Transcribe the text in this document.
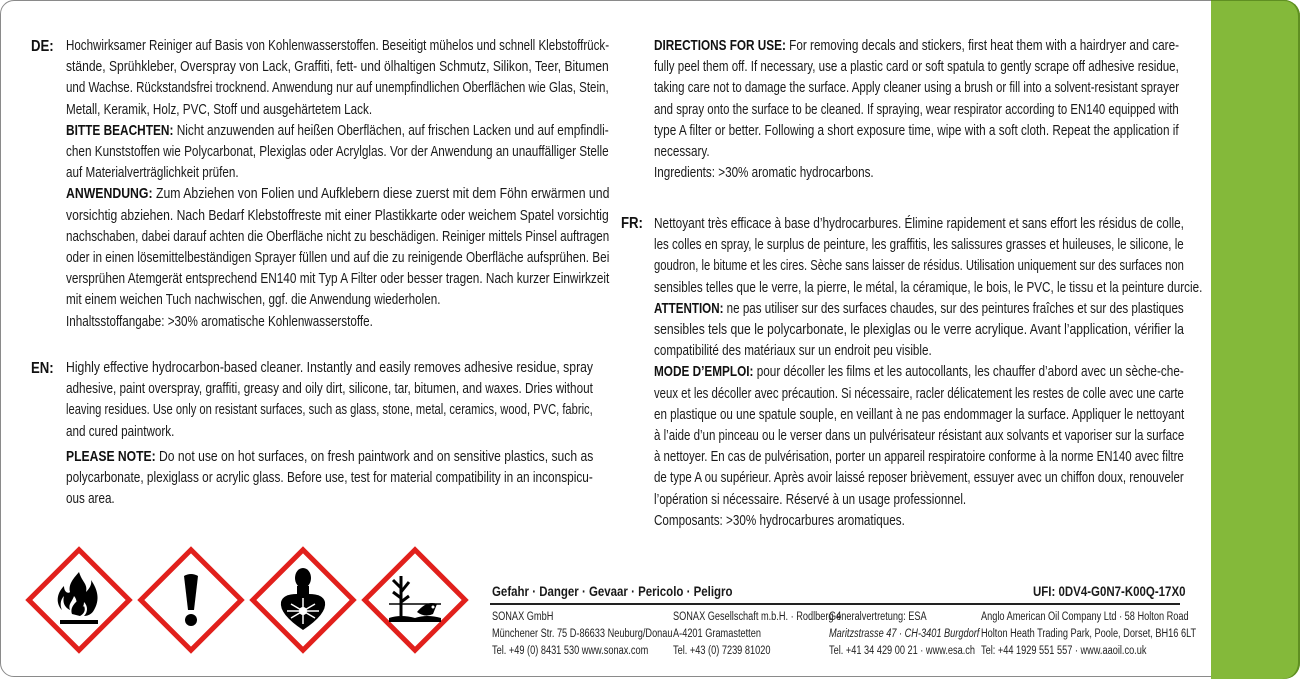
DE: Hochwirksamer Reiniger auf Basis von Kohlenwasserstoffen. Beseitigt mühelos und schnell Klebstoffrück-
stände, Sprühkleber, Overspray von Lack, Graffiti, fett- und ölhaltigen Schmutz, Silikon, Teer, Bitumen
und Wachse. Rückstandsfrei trocknend. Anwendung nur auf unempfindlichen Oberflächen wie Glas, Stein,
Metall, Keramik, Holz, PVC, Stoff und ausgehärtetem Lack.
BITTE BEACHTEN: Nicht anzuwenden auf heißen Oberflächen, auf frischen Lacken und auf empfindli-
chen Kunststoffen wie Polycarbonat, Plexiglas oder Acrylglas. Vor der Anwendung an unauffälliger Stelle
auf Materialverträglichkeit prüfen.
ANWENDUNG: Zum Abziehen von Folien und Aufklebern diese zuerst mit dem Föhn erwärmen und
vorsichtig abziehen. Nach Bedarf Klebstoffreste mit einer Plastikkarte oder weichem Spatel vorsichtig
nachschaben, dabei darauf achten die Oberfläche nicht zu beschädigen. Reiniger mittels Pinsel auftragen
oder in einen lösemittelbeständigen Sprayer füllen und auf die zu reinigende Oberfläche aufsprühen. Bei
versprühen Atemgerät entsprechend EN140 mit Typ A Filter oder besser tragen. Nach kurzer Einwirkzeit
mit einem weichen Tuch nachwischen, ggf. die Anwendung wiederholen.
Inhaltsstoffangabe: >30% aromatische Kohlenwasserstoffe.
EN: Highly effective hydrocarbon-based cleaner. Instantly and easily removes adhesive residue, spray
adhesive, paint overspray, graffiti, greasy and oily dirt, silicone, tar, bitumen, and waxes. Dries without
leaving residues. Use only on resistant surfaces, such as glass, stone, metal, ceramics, wood, PVC, fabric,
and cured paintwork.
PLEASE NOTE: Do not use on hot surfaces, on fresh paintwork and on sensitive plastics, such as
polycarbonate, plexiglass or acrylic glass. Before use, test for material compatibility in an inconspicu-
ous area.
DIRECTIONS FOR USE: For removing decals and stickers, first heat them with a hairdryer and care-
fully peel them off. If necessary, use a plastic card or soft spatula to gently scrape off adhesive residue,
taking care not to damage the surface. Apply cleaner using a brush or fill into a solvent-resistant sprayer
and spray onto the surface to be cleaned. If spraying, wear respirator according to EN140 equipped with
type A filter or better. Following a short exposure time, wipe with a soft cloth. Repeat the application if
necessary.
Ingredients: >30% aromatic hydrocarbons.
FR: Nettoyant très efficace à base d’hydrocarbures. Élimine rapidement et sans effort les résidus de colle,
les colles en spray, le surplus de peinture, les graffitis, les salissures grasses et huileuses, le silicone, le
goudron, le bitume et les cires. Sèche sans laisser de résidus. Utilisation uniquement sur des surfaces non
sensibles telles que le verre, la pierre, le métal, la céramique, le bois, le PVC, le tissu et la peinture durcie.
ATTENTION: ne pas utiliser sur des surfaces chaudes, sur des peintures fraîches et sur des plastiques
sensibles tels que le polycarbonate, le plexiglas ou le verre acrylique. Avant l’application, vérifier la
compatibilité des matériaux sur un endroit peu visible.
MODE D’EMPLOI: pour décoller les films et les autocollants, les chauffer d’abord avec un sèche-che-
veux et les décoller avec précaution. Si nécessaire, racler délicatement les restes de colle avec une carte
en plastique ou une spatule souple, en veillant à ne pas endommager la surface. Appliquer le nettoyant
à l’aide d’un pinceau ou le verser dans un pulvérisateur résistant aux solvants et vaporiser sur la surface
à nettoyer. En cas de pulvérisation, porter un appareil respiratoire conforme à la norme EN140 avec filtre
de type A ou supérieur. Après avoir laissé reposer brièvement, essuyer avec un chiffon doux, renouveler
l’opération si nécessaire. Réservé à un usage professionnel.
Composants: >30% hydrocarbures aromatiques.
Gefahr · Danger · Gevaar · Pericolo · Peligro	UFI: 0DV4-G0N7-K00Q-17X0
SONAX GmbH
Münchener Str. 75 D-86633 Neuburg/Donau
Tel. +49 (0) 8431 530 www.sonax.com
SONAX Gesellschaft m.b.H. · Rodlberg 4
A-4201 Gramastetten
Tel. +43 (0) 7239 81020
Generalvertretung: ESA
Maritzstrasse 47 · CH-3401 Burgdorf
Tel. +41 34 429 00 21 · www.esa.ch
Anglo American Oil Company Ltd · 58 Holton Road
Holton Heath Trading Park, Poole, Dorset, BH16 6LT
Tel: +44 1929 551 557 · www.aaoil.co.uk
